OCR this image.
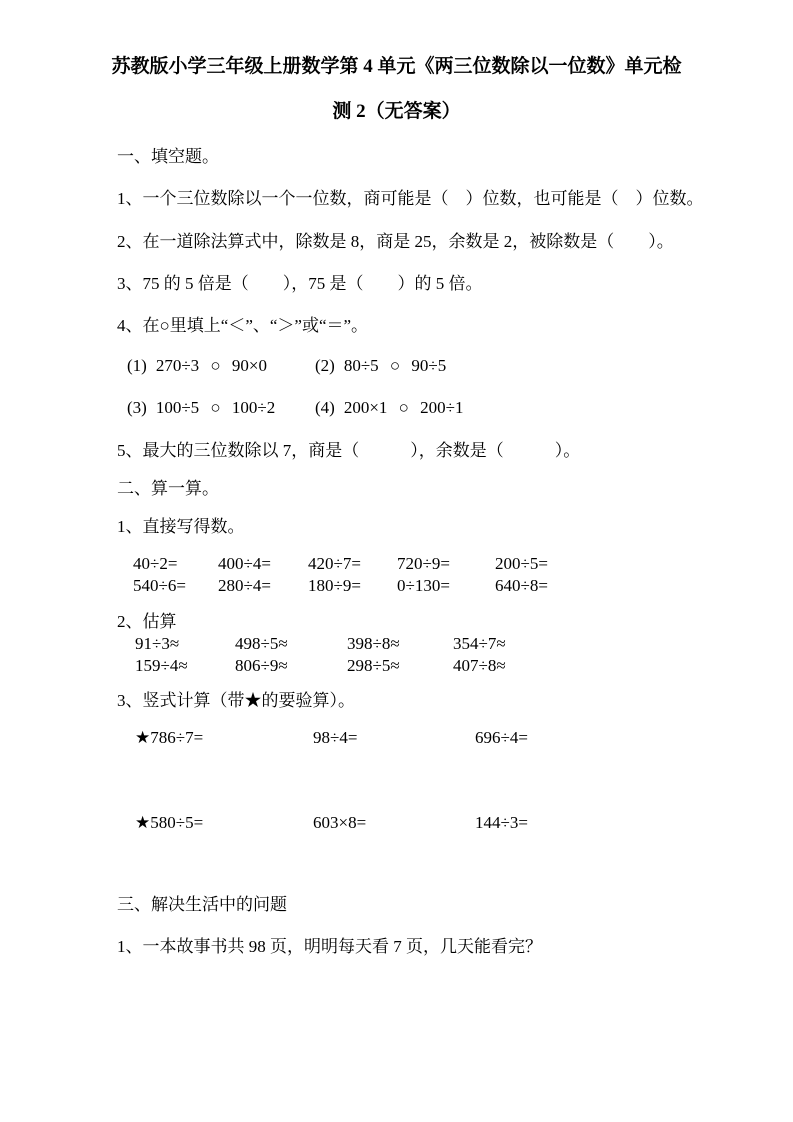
苏教版小学三年级上册数学第 4 单元《两三位数除以一位数》单元检
测 2（无答案）
一、填空题。
1、一个三位数除以一个一位数，商可能是（　）位数，也可能是（　）位数。
2、在一道除法算式中，除数是 8，商是 25，余数是 2，被除数是（　　）。
3、75 的 5 倍是（　　），75 是（　　）的 5 倍。
4、在○里填上“＜”、“＞”或“＝”。
(1) 270÷3 ○ 90×0	(2) 80÷5 ○ 90÷5
(3) 100÷5 ○ 100÷2 (4) 200×1 ○ 200÷1
5、最大的三位数除以 7，商是（　　　），余数是（　　　）。
二、算一算。
1、直接写得数。
40÷2= 400÷4= 420÷7= 720÷9=	200÷5=
540÷6= 280÷4= 180÷9= 0÷130=	640÷8=
2、估算
91÷3≈	498÷5≈	398÷8≈	354÷7≈
159÷4≈	806÷9≈	298÷5≈	407÷8≈
3、竖式计算（带★的要验算）。
★786÷7=	98÷4=	696÷4=
★580÷5=	603×8=	144÷3=
三、解决生活中的问题
1、一本故事书共 98 页，明明每天看 7 页，几天能看完？
